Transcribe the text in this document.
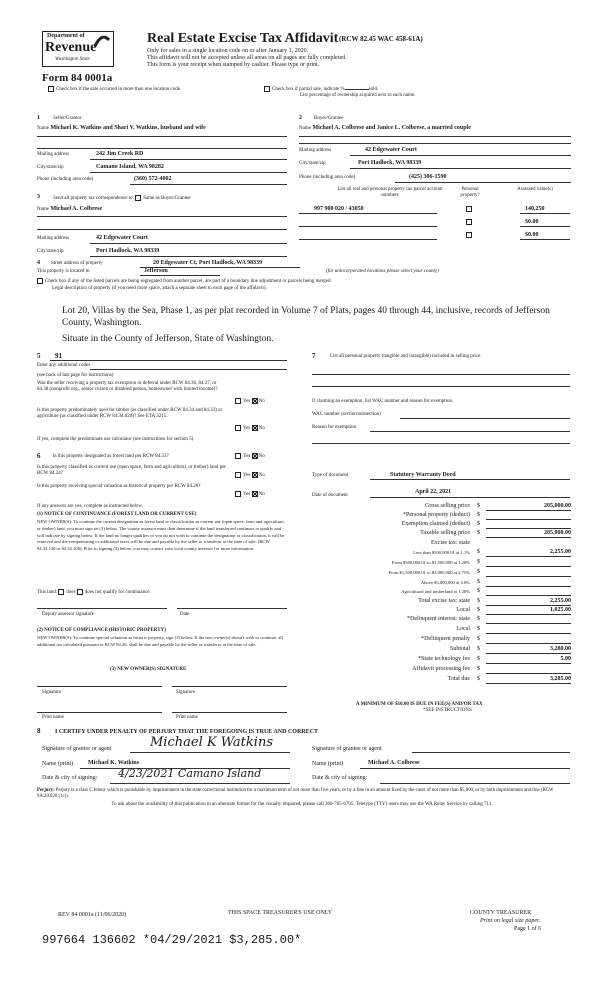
Department of
Revenue
Washington State
Real Estate Excise Tax Affidavit (RCW 82.45 WAC 458-61A)
Only for sales in a single location code on or after January 1, 2020.
This affidavit will not be accepted unless all areas on all pages are fully completed.
This form is your receipt when stamped by cashier. Please type or print.
Form 84 0001a
Check box if the sale occurred in more than one location code.	Check box if partial sale, indicate %	sold.
List percentage of ownership acquired next to each name.
1	Seller/Grantor
Name Michael K. Watkins and Shari V. Watkins, husband and wife
Mailing address	242 Jim Creek RD
City/state/zip	Camano Island, WA 98282
Phone (including area code)	(360) 572-4002
2 Buyer/Grantee
Name Michael A. Colbrese and Janice L. Colbrese, a married couple
Mailing address	42 Edgewater Court
City/state/zip	Port Hadlock, WA 98339
Phone (including area code)	(425) 306-1590
3	Send all property tax correspondence to: Same as Buyer/Grantee
Name Michael A. Colbrese
Mailing address	42 Edgewater Court
City/state/zip	Port Hadlock, WA 98339
List all real and personal property tax parcel account numbers
Personal property?
Assessed value(s)
997 900 020 / 43050	140,250
$0.00
$0.00
4 Street address of property	20 Edgewater Ct, Port Hadlock, WA 98339
This property is located in	Jefferson	(for unincorporated locations please select your county)
Check box if any of the listed parcels are being segregated from another parcel, are part of a boundary line adjustment or parcels being merged.
Legal description of property (if you need more space, attach a separate sheet to each page of the affidavit).
Lot 20, Villas by the Sea, Phase 1, as per plat recorded in Volume 7 of Plats, pages 40 through 44, inclusive, records of Jefferson County, Washington.
Situate in the County of Jefferson, State of Washington.
5 91
Enter any additional codes
(see back of last page for instructions)
Was the seller receiving a property tax exemption or deferral under RCW 84.36, 84.37, or 84.38 (nonprofit org., senior citizen or disabled person, homeowner with limited income)?
Yes No
Is this property predominately used for timber (as classified under RCW 84.34 and 84.33) or agriculture (as classified under RCW 84.34.020)? See ETA 3215.
Yes No
If yes, complete the predominate use calculator (see instructions for section 5).
6	Is this property designated as forest land per RCW 84.33?	Yes No
Is this property classified as current use (open space, farm and agricultural, or timber) land per RCW 84.34?	Yes No
Is this property receiving special valuation as historical property per RCW 84.26?
Yes No
If any answers are yes, complete as instructed below.
(1) NOTICE OF CONTINUANCE (FOREST LAND OR CURRENT USE)
NEW OWNER(S): To continue the current designation as forest land or classification as current use (open space, farm and agriculture, or timber) land, you must sign on (3) below. The county assessor must then determine if the land transferred continues to qualify and will indicate by signing below. If the land no longer qualifies or you do not wish to continue the designation or classification, it will be removed and the compensating or additional taxes will be due and payable by the seller or transferor at the time of sale. (RCW 84.33.140 or 84.34.108). Prior to signing (3) below, you may contact your local county assessor for more information.
This land: does does not qualify for continuance.
Deputy assessor signature	Date
(2) NOTICE OF COMPLIANCE (HISTORIC PROPERTY)
NEW OWNER(S): To continue special valuation as historic property, sign (3) below. If the new owner(s) doesn't wish to continue, all additional tax calculated pursuant to RCW 84.26, shall be due and payable by the seller or transferor at the time of sale.
(3) NEW OWNER(S) SIGNATURE
Signature	Signature
Print name	Print name
7	List all personal property (tangible and intangible) included in selling price.
If claiming an exemption, list WAC number and reason for exemption.
WAC number (section/subsection)
Reason for exemption
Type of document	Statutory Warranty Deed
Date of document
April 22, 2021
Gross selling price $	205,000.00
*Personal property (deduct) $
Exemption claimed (deduct) $
Taxable selling price $	205,000.00
Excise tax: state
Less than $500,000.01 at 1.1% $	2,255.00
From $500,000.01 to $1,500,000 at 1.28% $
From $1,500,000.01 to $3,000,000 at 2.75% $
Above $3,000,000 at 3.0% $
Agricultural and timberland at 1.28% $
Total excise tax: state $	2,255.00
Local $	1,025.00
*Delinquent interest: state $
Local $
*Delinquent penalty $
Subtotal $	3,280.00
*State technology fee $	5.00
Affidavit processing fee $
Total due $	3,285.00
A MINIMUM OF $10.00 IS DUE IN FEE(S) AND/OR TAX
*SEE INSTRUCTIONS
8 I CERTIFY UNDER PENALTY OF PERJURY THAT THE FOREGOING IS TRUE AND CORRECT
Signature of grantor or agent	Michael K Watkins	Signature of grantee or agent
Name (print) Michael K. Watkins	Name (print)	Michael A. Colbrese
Date & city of signing: 4/23/2021 Camano Island	Date & city of signing:
Perjury: Perjury is a class C felony which is punishable by imprisonment in the state correctional institution for a maximum term of not more than five years, or by a fine in an amount fixed by the court of not more than $5,000, or by both imprisonment and fine (RCW 9A.20.020 (1c)).
To ask about the availability of this publication in an alternate format for the visually impaired, please call 360-705-6705. Teletype (TTY) users may use the WA Relay Service by calling 711.
REV 84 0001a (11/06/2020)	THIS SPACE TREASURER'S USE ONLY	COUNTY TREASURER
Print on legal size paper.
Page 1 of 6
997664 136602 *04/29/2021 $3,285.00*
